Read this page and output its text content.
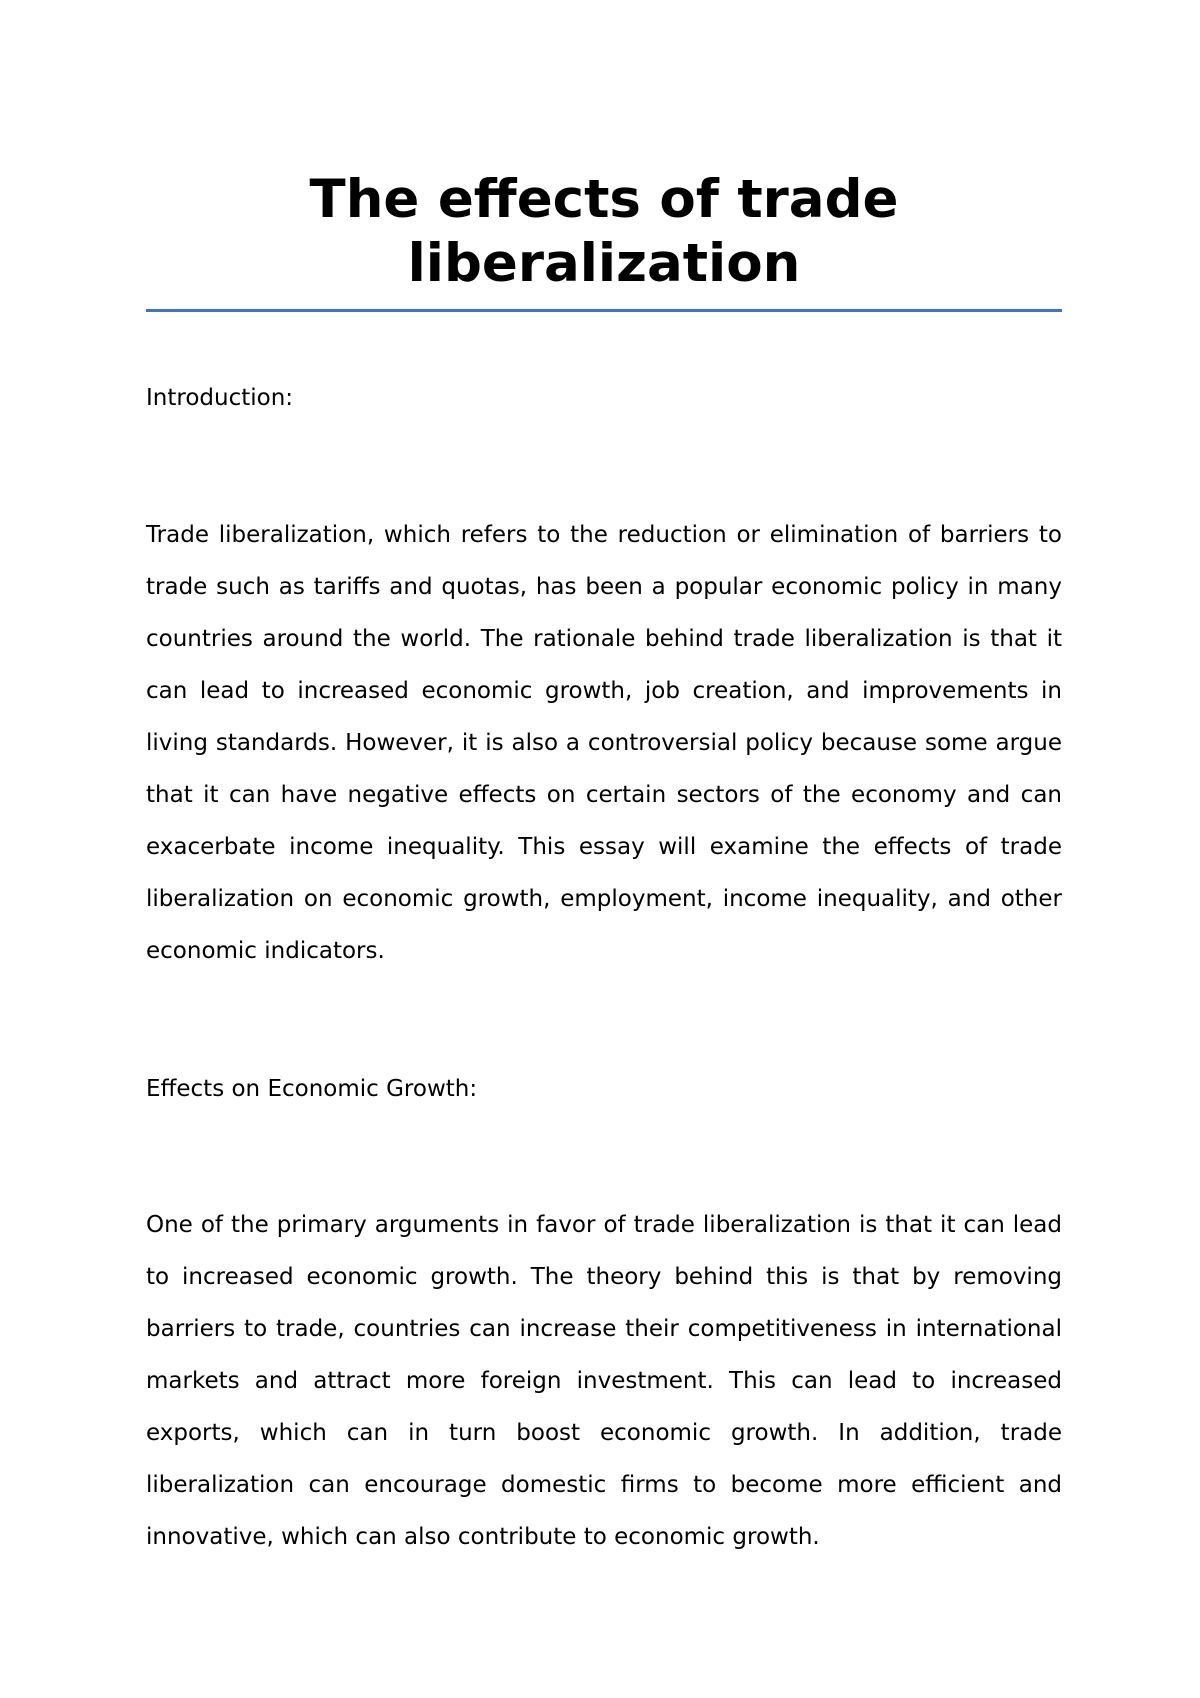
The effects of trade liberalization

Introduction:

Trade liberalization, which refers to the reduction or elimination of barriers to trade such as tariffs and quotas, has been a popular economic policy in many countries around the world. The rationale behind trade liberalization is that it can lead to increased economic growth, job creation, and improvements in living standards. However, it is also a controversial policy because some argue that it can have negative effects on certain sectors of the economy and can exacerbate income inequality. This essay will examine the effects of trade liberalization on economic growth, employment, income inequality, and other economic indicators.

Effects on Economic Growth:

One of the primary arguments in favor of trade liberalization is that it can lead to increased economic growth. The theory behind this is that by removing barriers to trade, countries can increase their competitiveness in international markets and attract more foreign investment. This can lead to increased exports, which can in turn boost economic growth. In addition, trade liberalization can encourage domestic firms to become more efficient and innovative, which can also contribute to economic growth.
